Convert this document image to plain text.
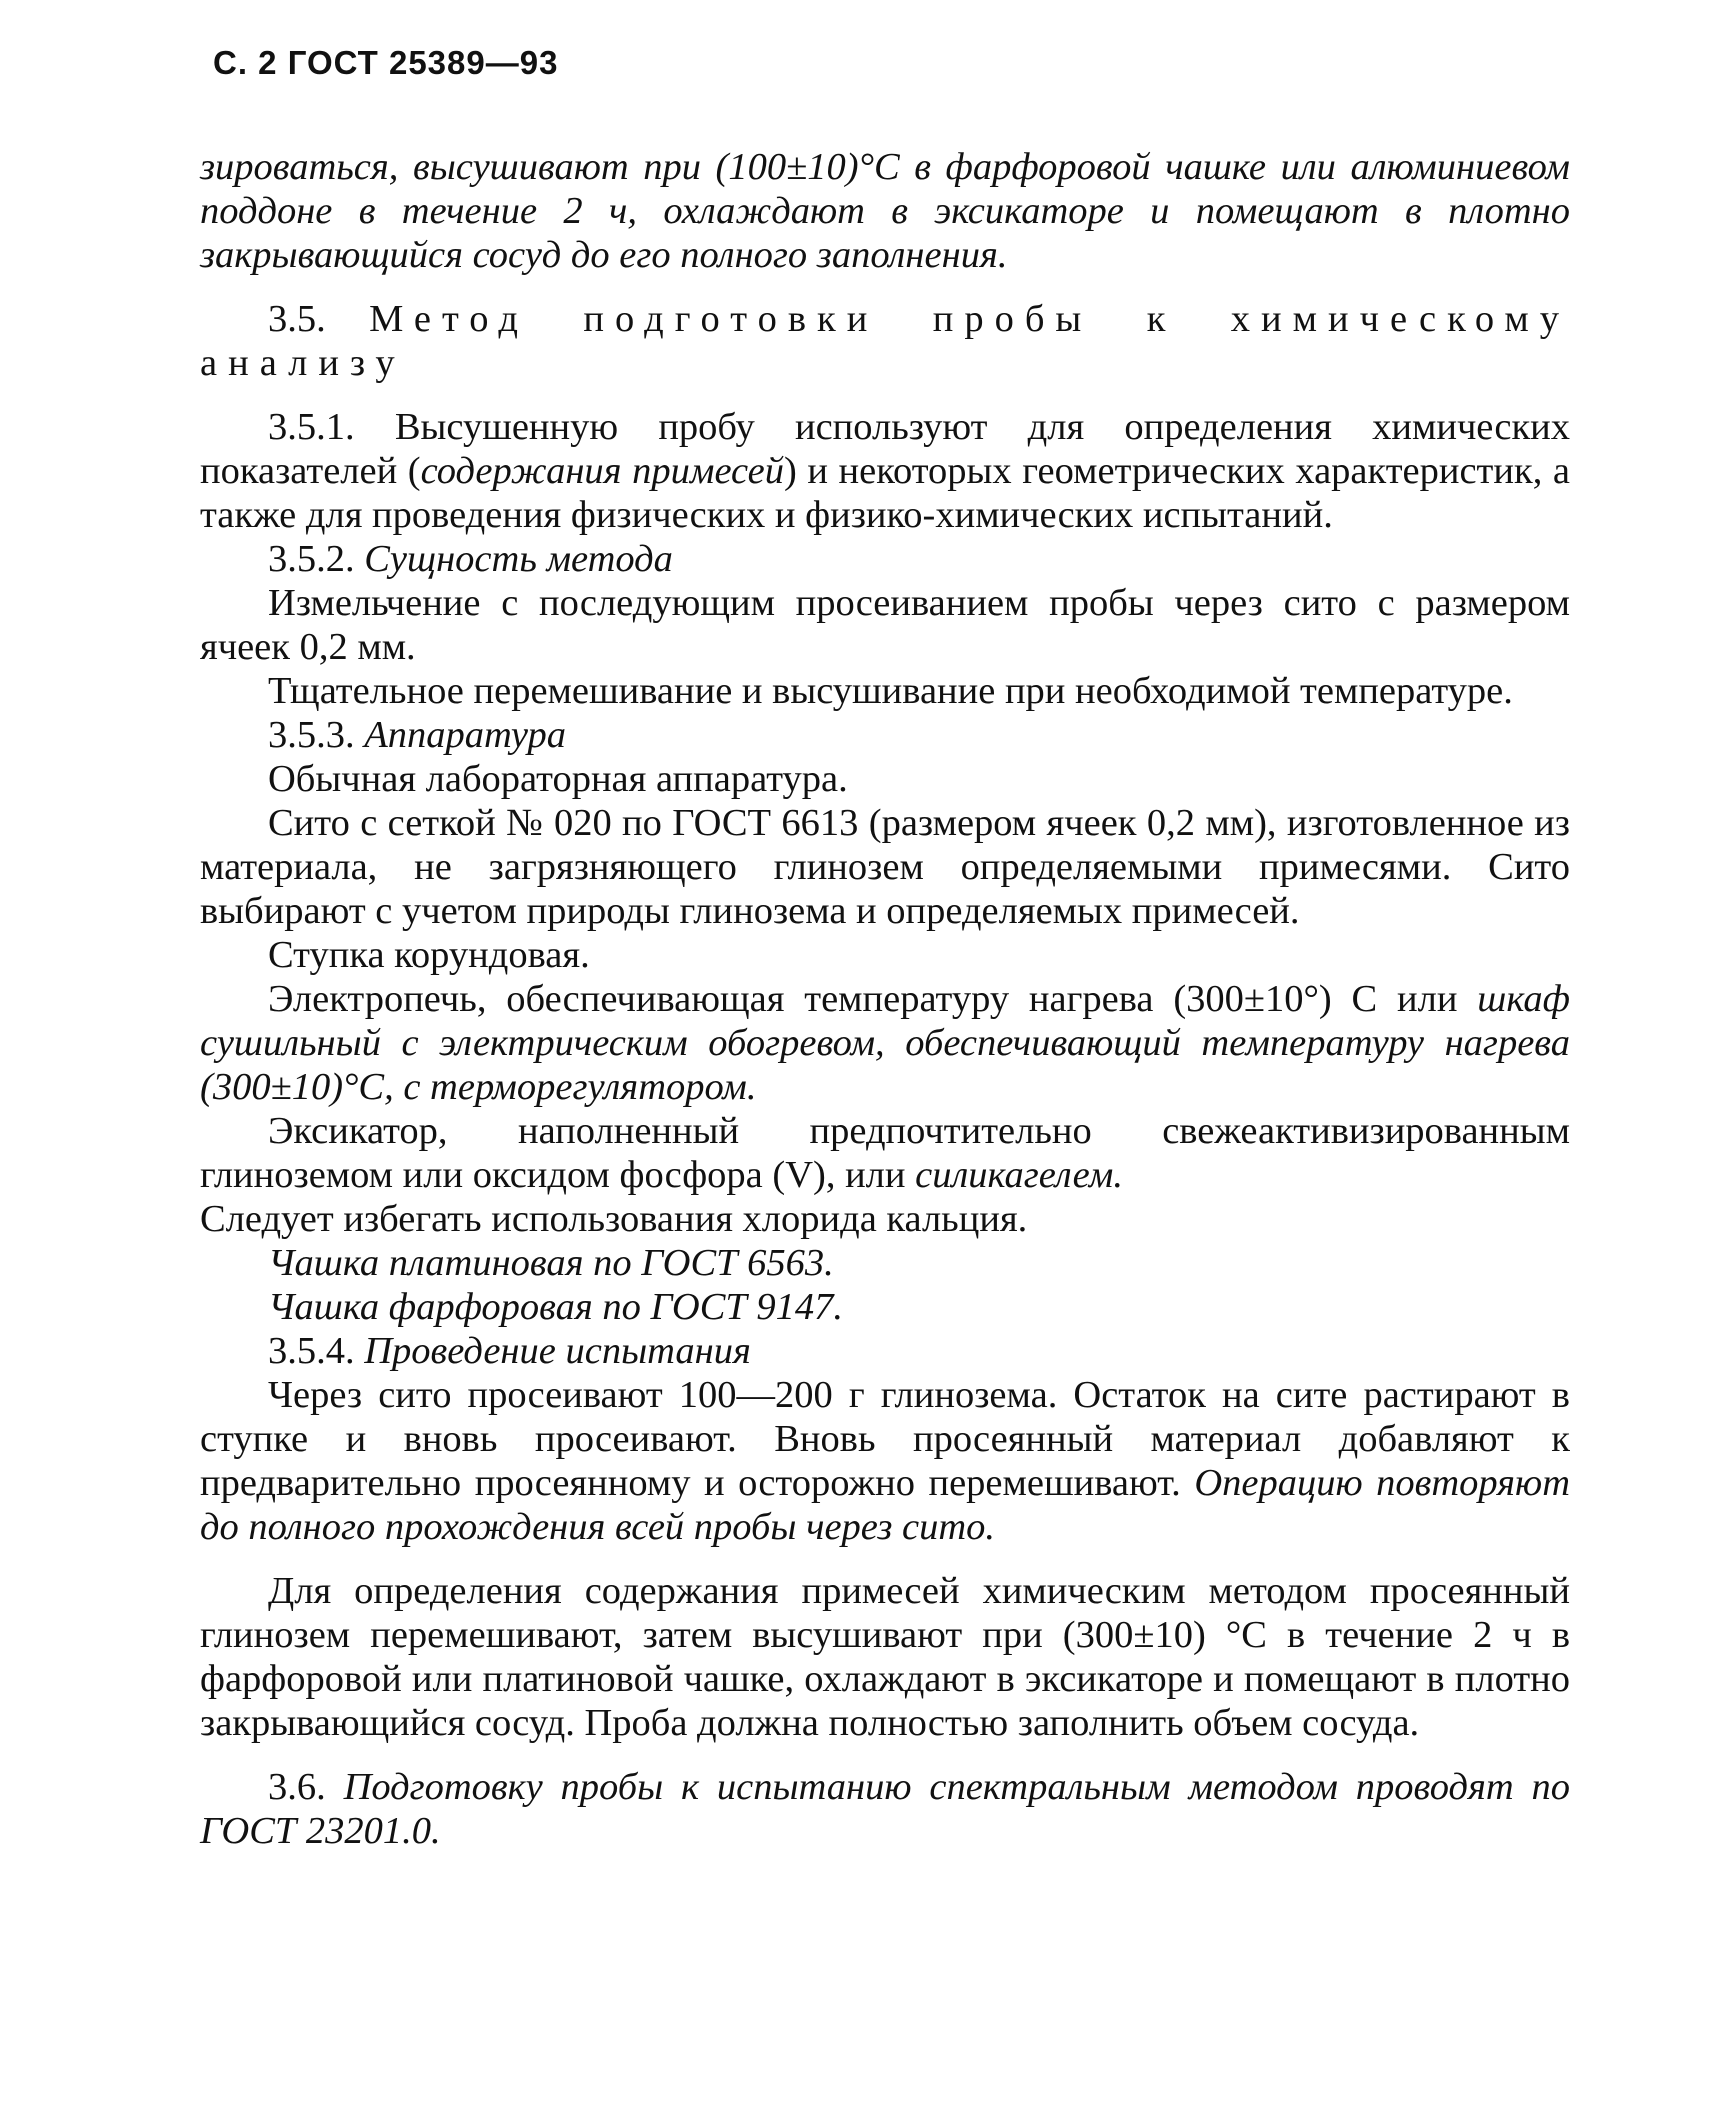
С. 2 ГОСТ 25389—93

зироваться, высушивают при (100±10)°С в фарфоровой чашке или алюминиевом поддоне в течение 2 ч, охлаждают в эксикаторе и помещают в плотно закрывающийся сосуд до его полного заполнения.

3.5. Метод подготовки пробы к химическому анализу

3.5.1. Высушенную пробу используют для определения химических показателей (содержания примесей) и некоторых геометрических характеристик, а также для проведения физических и физико-химических испытаний.

3.5.2. Сущность метода

Измельчение с последующим просеиванием пробы через сито с размером ячеек 0,2 мм.

Тщательное перемешивание и высушивание при необходимой температуре.

3.5.3. Аппаратура

Обычная лабораторная аппаратура.

Сито с сеткой № 020 по ГОСТ 6613 (размером ячеек 0,2 мм), изготовленное из материала, не загрязняющего глинозем определяемыми примесями. Сито выбирают с учетом природы глинозема и определяемых примесей.

Ступка корундовая.

Электропечь, обеспечивающая температуру нагрева (300±10°) С или шкаф сушильный с электрическим обогревом, обеспечивающий температуру нагрева (300±10)°С, с терморегулятором.

Эксикатор, наполненный предпочтительно свежеактивизированным глиноземом или оксидом фосфора (V), или силикагелем.

Следует избегать использования хлорида кальция.

Чашка платиновая по ГОСТ 6563.

Чашка фарфоровая по ГОСТ 9147.

3.5.4. Проведение испытания

Через сито просеивают 100—200 г глинозема. Остаток на сите растирают в ступке и вновь просеивают. Вновь просеянный материал добавляют к предварительно просеянному и осторожно перемешивают. Операцию повторяют до полного прохождения всей пробы через сито.

Для определения содержания примесей химическим методом просеянный глинозем перемешивают, затем высушивают при (300±10) °С в течение 2 ч в фарфоровой или платиновой чашке, охлаждают в эксикаторе и помещают в плотно закрывающийся сосуд. Проба должна полностью заполнить объем сосуда.

3.6. Подготовку пробы к испытанию спектральным методом проводят по ГОСТ 23201.0.
